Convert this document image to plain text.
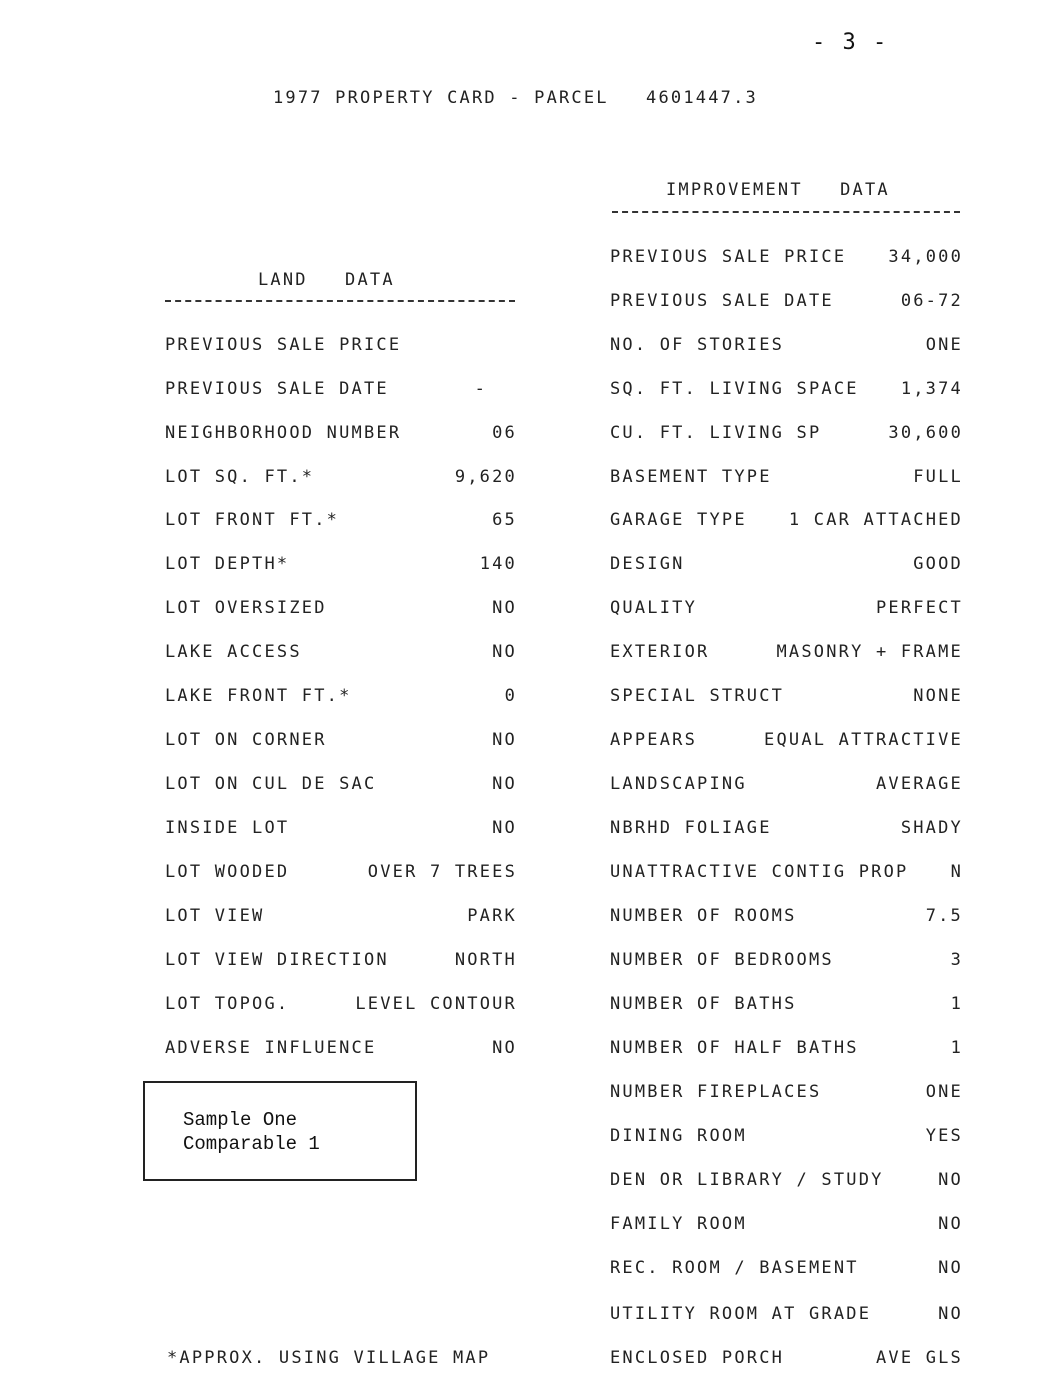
- 3 -
1977 PROPERTY CARD - PARCEL   4601447.3
IMPROVEMENT   DATA
LAND   DATA
PREVIOUS SALE PRICE
PREVIOUS SALE DATE	-
NEIGHBORHOOD NUMBER	06
LOT SQ. FT.*	9,620
LOT FRONT FT.*	65
LOT DEPTH*	140
LOT OVERSIZED	NO
LAKE ACCESS	NO
LAKE FRONT FT.*	0
LOT ON CORNER	NO
LOT ON CUL DE SAC	NO
INSIDE LOT	NO
LOT WOODED	OVER 7 TREES
LOT VIEW	PARK
LOT VIEW DIRECTION	NORTH
LOT TOPOG.	LEVEL CONTOUR
ADVERSE INFLUENCE	NO
PREVIOUS SALE PRICE 34,000
PREVIOUS SALE DATE	06-72
NO. OF STORIES	ONE
SQ. FT. LIVING SPACE 1,374
CU. FT. LIVING SP	30,600
BASEMENT TYPE	FULL
GARAGE TYPE 1 CAR ATTACHED
DESIGN	GOOD
QUALITY	PERFECT
EXTERIOR	MASONRY + FRAME
SPECIAL STRUCT	NONE
APPEARS	EQUAL ATTRACTIVE
LANDSCAPING	AVERAGE
NBRHD FOLIAGE	SHADY
UNATTRACTIVE CONTIG PROP N
NUMBER OF ROOMS	7.5
NUMBER OF BEDROOMS	3
NUMBER OF BATHS	1
NUMBER OF HALF BATHS	1
NUMBER FIREPLACES	ONE
DINING ROOM	YES
DEN OR LIBRARY / STUDY	NO
FAMILY ROOM	NO
REC. ROOM / BASEMENT	NO
UTILITY ROOM AT GRADE	NO
ENCLOSED PORCH	AVE GLS
Sample One
Comparable 1
*APPROX. USING VILLAGE MAP
